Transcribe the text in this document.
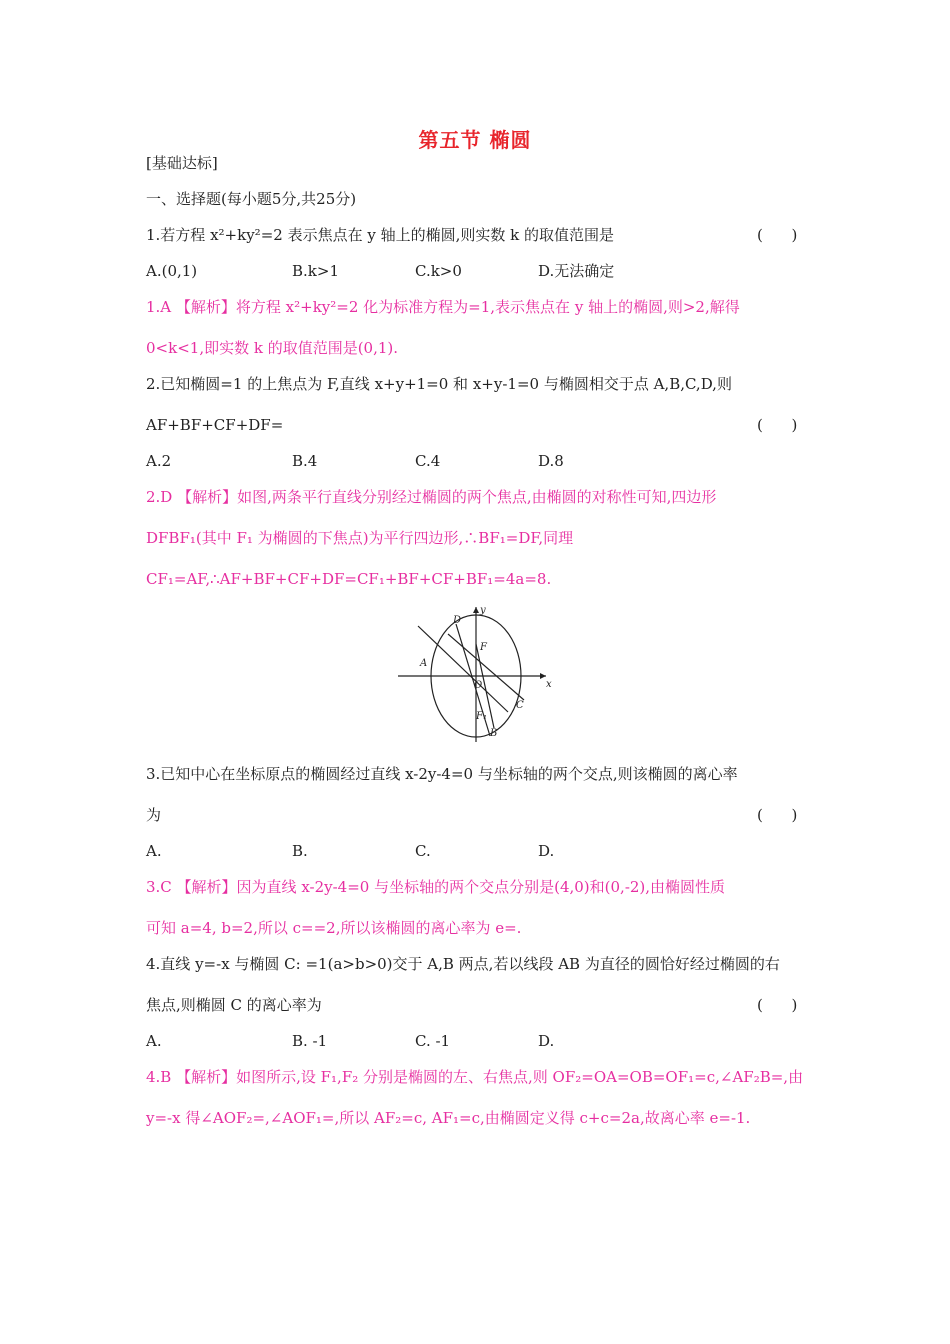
第五节 椭圆
[基础达标]
一、选择题(每小题5分,共25分)
1.若方程 x²+ky²=2 表示焦点在 y 轴上的椭圆,则实数 k 的取值范围是	(      )
A.(0,1)	B.k>1	C.k>0	D.无法确定
1.A 【解析】将方程 x²+ky²=2 化为标准方程为=1,表示焦点在 y 轴上的椭圆,则>2,解得
0<k<1,即实数 k 的取值范围是(0,1).
2.已知椭圆=1 的上焦点为 F,直线 x+y+1=0 和 x+y-1=0 与椭圆相交于点 A,B,C,D,则
AF+BF+CF+DF=	(      )
A.2	B.4	C.4	D.8
2.D 【解析】如图,两条平行直线分别经过椭圆的两个焦点,由椭圆的对称性可知,四边形
DFBF₁(其中 F₁ 为椭圆的下焦点)为平行四边形,∴BF₁=DF,同理
CF₁=AF,∴AF+BF+CF+DF=CF₁+BF+CF+BF₁=4a=8.
y
x
D
F
A
O
C
F₁
B
3.已知中心在坐标原点的椭圆经过直线 x-2y-4=0 与坐标轴的两个交点,则该椭圆的离心率
为	(      )
A.	B.	C.	D.
3.C 【解析】因为直线 x-2y-4=0 与坐标轴的两个交点分别是(4,0)和(0,-2),由椭圆性质
可知 a=4, b=2,所以 c==2,所以该椭圆的离心率为 e=.
4.直线 y=-x 与椭圆 C: =1(a>b>0)交于 A,B 两点,若以线段 AB 为直径的圆恰好经过椭圆的右
焦点,则椭圆 C 的离心率为	(      )
A.	B. -1	C. -1	D.
4.B 【解析】如图所示,设 F₁,F₂ 分别是椭圆的左、右焦点,则 OF₂=OA=OB=OF₁=c,∠AF₂B=,由
y=-x 得∠AOF₂=,∠AOF₁=,所以 AF₂=c, AF₁=c,由椭圆定义得 c+c=2a,故离心率 e=-1.
